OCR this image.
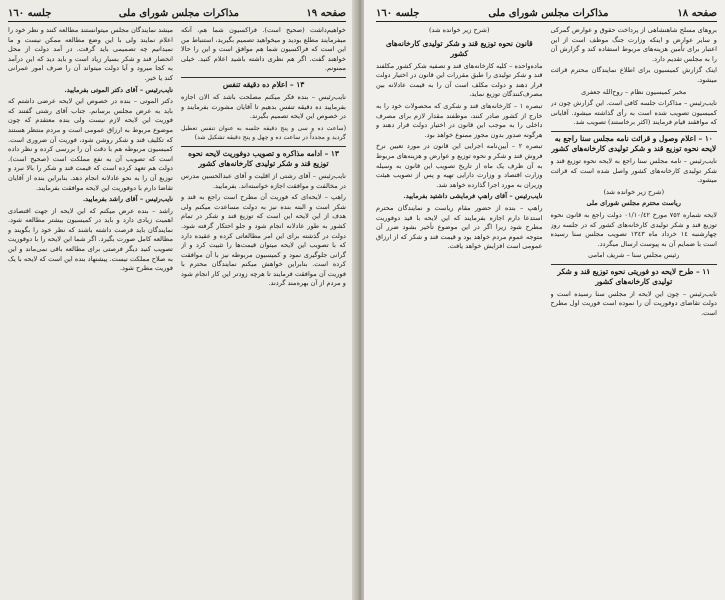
صفحه ١٩
مذاکرات مجلس شورای ملی
جلسه ١٦٠

خواهیم‌داشت (صحیح است). فراکسیون شما هم، آنکه میفرمایند مطلع بودید و میخواهید تصمیم بگیرید، استنباط من این است که فراکسیون شما هم موافق است و این را حالا خواهند گفت. اگر هم نظری داشته باشید اعلام کنید. خیلی ممنونم.

١٣ – اعلام ده دقیقه تنفس

نایب‌رئیس – بنده فکر میکنم مصلحت باشد که الان اجازه بفرمایید ده دقیقه تنفس بدهیم تا آقایان مشورت بفرمایند و در خصوص این لایحه تصمیم بگیرند.

(ساعت ده و سی و پنج دقیقه جلسه به عنوان تنفس تعطیل گردید و مجدداً در ساعت ده و چهل و پنج دقیقه تشکیل شد)

١٣ – ادامه مذاکره و تصویب دوفوریت لایحه نحوه توزیع قند و شکر تولیدی کارخانه‌های کشور

نایب‌رئیس – آقای رشتی از اقلیت و آقای عبدالحسین مدرس در مخالفت و موافقت اجازه خواسته‌اند. بفرمایید.

راهپ – لایحه‌ای که فوریت آن مطرح است راجع به قند و شکر است و البته بنده نیز به دولت مساعدت میکنم ولی هدف از این لایحه این است که توزیع قند و شکر در تمام کشور به طور عادلانه انجام شود و جلو احتکار گرفته شود. دولت در گذشته برای این امر مطالعاتی کرده و عقیده دارد که با تصویب این لایحه میتوان قیمت‌ها را تثبیت کرد و از گرانی جلوگیری نمود و کمیسیون مربوطه نیز با آن موافقت کرده است. بنابراین خواهش میکنم نمایندگان محترم با فوریت آن موافقت فرمایند تا هرچه زودتر این کار انجام شود و مردم از آن بهره‌مند گردند.

میشد نمایندگان مجلس میتوانستند مطالعه کنند و نظر خود را اعلام نمایند ولی با این وضع مطالعه ممکن نیست و ما نمیدانیم چه تصمیمی باید گرفت. در آمد دولت از محل انحصار قند و شکر بسیار زیاد است و باید دید که این درآمد به کجا میرود و آیا دولت میتواند آن را صرف امور عمرانی کند یا خیر.

نایب‌رئیس – آقای دکتر الموتی بفرمایید.

دکتر الموتی – بنده در خصوص این لایحه عرضی داشتم که باید به عرض مجلس برسانم. جناب آقای رشتی گفتند که فوریت این لایحه لازم نیست ولی بنده معتقدم که چون موضوع مربوط به ارزاق عمومی است و مردم منتظر هستند که تکلیف قند و شکر روشن شود، فوریت آن ضروری است. کمیسیون مربوطه هم با دقت آن را بررسی کرده و نظر داده است که تصویب آن به نفع مملکت است (صحیح است). دولت هم تعهد کرده است که قیمت قند و شکر را بالا نبرد و توزیع آن را به نحو عادلانه انجام دهد. بنابراین بنده از آقایان تقاضا دارم با دوفوریت این لایحه موافقت بفرمایند.

نایب‌رئیس – آقای راشد بفرمایید.

راشد – بنده عرض میکنم که این لایحه از جهت اقتصادی اهمیت زیادی دارد و باید در کمیسیون بیشتر مطالعه شود. نمایندگان باید فرصت داشته باشند که نظر خود را بگویند و مطالعه کامل صورت بگیرد. اگر شما این لایحه را با دوفوریت تصویب کنید دیگر فرصتی برای مطالعه باقی نمی‌ماند و این به صلاح مملکت نیست. پیشنهاد بنده این است که لایحه با یک فوریت مطرح شود.

صفحه ١٨
مذاکرات مجلس شورای ملی
جلسه ١٦٠

بروهای مسلح شاهنشاهی از پرداخت حقوق و عوارض گمرکی و سایر عوارض و اینکه وزارت جنگ موظف است از این اعتبار برای تأمین هزینه‌های مربوط استفاده کند و گزارش آن را به مجلس تقدیم دارد.

اینک گزارش کمیسیون برای اطلاع نمایندگان محترم قرائت میشود.

مخبر کمیسیون نظام – روح‌الله جعفری

نایب‌رئیس – مذاکرات جلسه کافی است. این گزارش چون در کمیسیون تصویب شده است به رأی گذاشته میشود. آقایانی که موافقند قیام فرمایند (اکثر برخاستند) تصویب شد.

١٠ – اعلام وصول و قرائت نامه مجلس سنا راجع به لایحه نحوه توزیع قند و شکر تولیدی کارخانه‌های کشور

نایب‌رئیس – نامه مجلس سنا راجع به لایحه نحوه توزیع قند و شکر تولیدی کارخانه‌های کشور واصل شده است که قرائت میشود.

(شرح زیر خوانده شد)

ریاست محترم مجلس شورای ملی

لایحه شماره ٧٥٢ مورخ ٠١/١٠/٤٢ دولت راجع به قانون نحوه توزیع قند و شکر تولیدی کارخانه‌های کشور که در جلسه روز چهارشنبه ١٤ خرداد ماه ١٣٤٣ تصویب مجلس سنا رسیده است با ضمایم آن به پیوست ارسال میگردد.

رئیس مجلس سنا – شریف امامی

١١ – طرح لایحه دو فوریتی نحوه توزیع قند و شکر تولیدی کارخانه‌های کشور

نایب‌رئیس – چون این لایحه از مجلس سنا رسیده است و دولت تقاضای دوفوریت آن را نموده است فوریت اول مطرح است.

(شرح زیر خوانده شد)

قانون نحوه توزیع قند و شکر تولیدی کارخانه‌های کشور

ماده‌واحده – کلیه کارخانه‌های قند و تصفیه شکر کشور مکلفند قند و شکر تولیدی را طبق مقررات این قانون در اختیار دولت قرار دهند و دولت مکلف است آن را به قیمت عادلانه بین مصرف‌کنندگان توزیع نماید.

تبصره ١ – کارخانه‌های قند و شکری که محصولات خود را به خارج از کشور صادر کنند، موظفند مقدار لازم برای مصرف داخلی را به موجب این قانون در اختیار دولت قرار دهند و هرگونه صدور بدون مجوز ممنوع خواهد بود.

تبصره ٢ – آیین‌نامه اجرایی این قانون در مورد تعیین نرخ فروش قند و شکر و نحوه توزیع و عوارض و هزینه‌های مربوط به آن ظرف یک ماه از تاریخ تصویب این قانون به وسیله وزارت اقتصاد و وزارت دارایی تهیه و پس از تصویب هیئت وزیران به مورد اجرا گذارده خواهد شد.

نایب‌رئیس – آقای راهپ فرمایشی داشتید بفرمایید.

راهپ – بنده از حضور مقام ریاست و نمایندگان محترم استدعا دارم اجازه بفرمایند که این لایحه با قید دوفوریت مطرح شود زیرا اگر در این موضوع تأخیر بشود ضرر آن متوجه عموم مردم خواهد بود و قیمت قند و شکر که از ارزاق عمومی است افزایش خواهد یافت.
